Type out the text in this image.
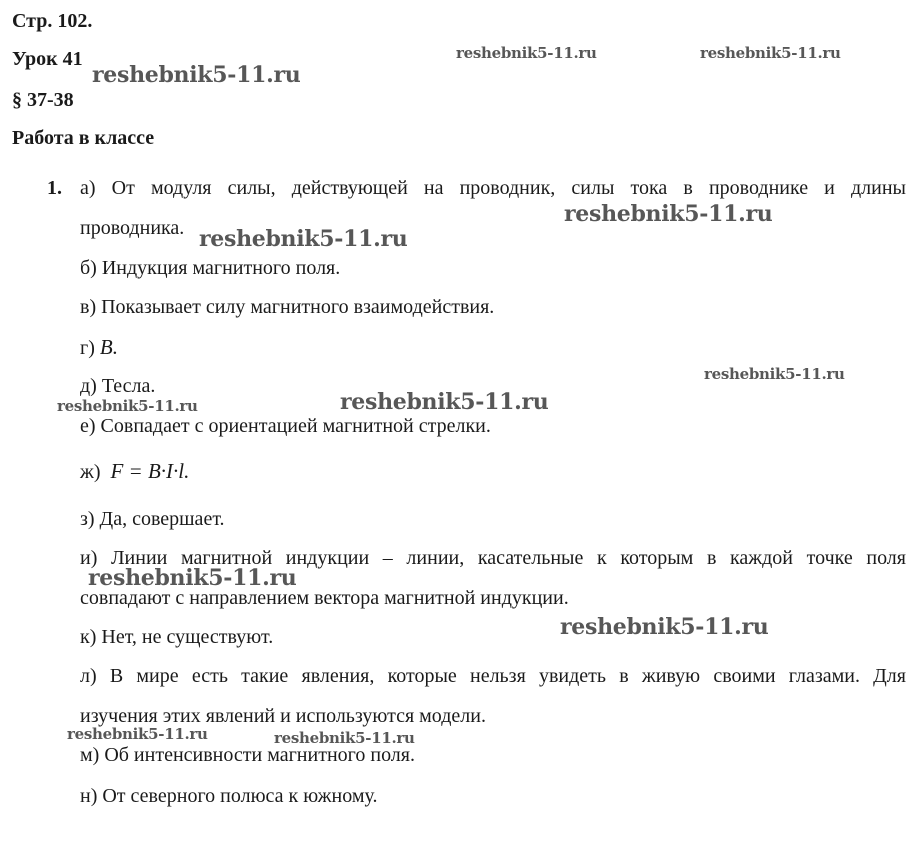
Стр. 102.
Урок 41
§ 37-38
Работа в классе
1. а) От модуля силы, действующей на проводник, силы тока в проводнике и длины
проводника.
б) Индукция магнитного поля.
в) Показывает силу магнитного взаимодействия.
г) B.
д) Тесла.
е) Совпадает с ориентацией магнитной стрелки.
ж) F = B·I·l.
з) Да, совершает.
и) Линии магнитной индукции – линии, касательные к которым в каждой точке поля
совпадают с направлением вектора магнитной индукции.
к) Нет, не существуют.
л) В мире есть такие явления, которые нельзя увидеть в живую своими глазами. Для
изучения этих явлений и используются модели.
м) Об интенсивности магнитного поля.
н) От северного полюса к южному.
reshebnik5-11.ru	reshebnik5-11.ru
reshebnik5-11.ru
reshebnik5-11.ru
reshebnik5-11.ru
reshebnik5-11.ru
reshebnik5-11.ru
reshebnik5-11.ru
reshebnik5-11.ru
reshebnik5-11.ru
reshebnik5-11.ru	reshebnik5-11.ru
